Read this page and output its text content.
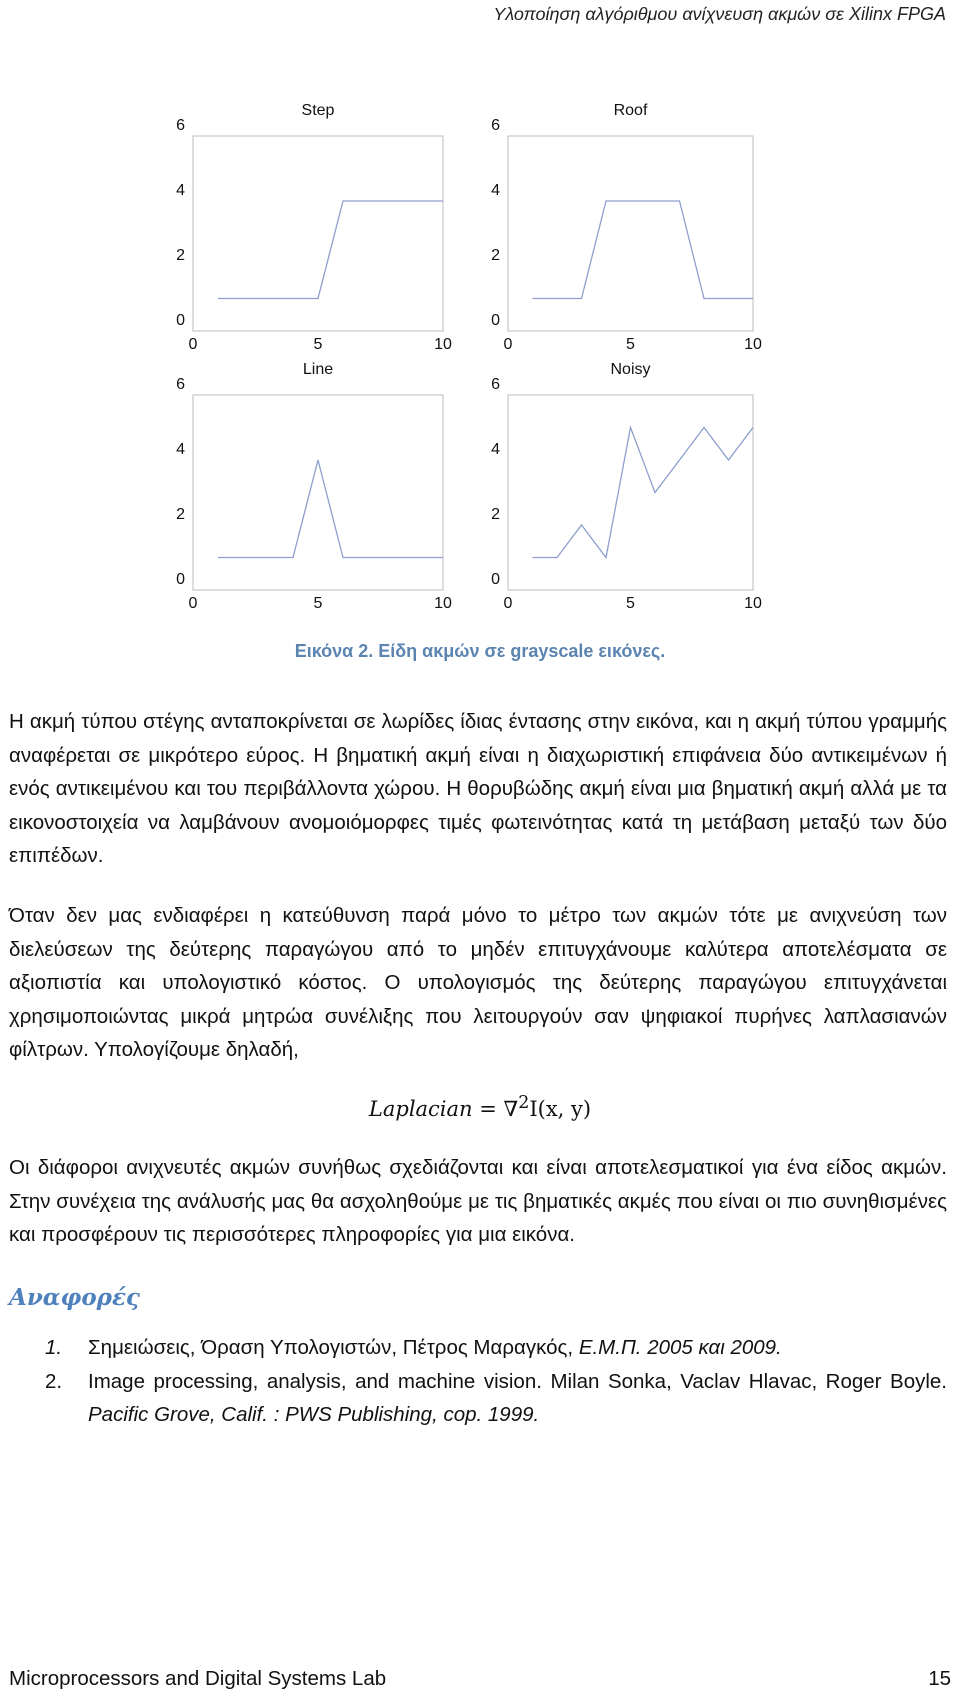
Υλοποίηση αλγόριθμου ανίχνευση ακμών σε Xilinx FPGA
Step
0
2
4
6
0	5	10
Roof
0
2
4
6
0	5	10
Line
0
2
4
6
0	5	10
Noisy
0
2
4
6
0	5	10
Εικόνα 2. Είδη ακμών σε grayscale εικόνες.

Η ακμή τύπου στέγης ανταποκρίνεται σε λωρίδες ίδιας έντασης στην εικόνα, και η ακμή τύπου γραμμής αναφέρεται σε μικρότερο εύρος. Η βηματική ακμή είναι η διαχωριστική επιφάνεια δύο αντικειμένων ή ενός αντικειμένου και του περιβάλλοντα χώρου. Η θορυβώδης ακμή είναι μια βηματική ακμή αλλά με τα εικονοστοιχεία να λαμβάνουν ανομοιόμορφες τιμές φωτεινότητας κατά τη μετάβαση μεταξύ των δύο επιπέδων.

Όταν δεν μας ενδιαφέρει η κατεύθυνση παρά μόνο το μέτρο των ακμών τότε με ανιχνεύση των διελεύσεων της δεύτερης παραγώγου από το μηδέν επιτυγχάνουμε καλύτερα αποτελέσματα σε αξιοπιστία και υπολογιστικό κόστος. Ο υπολογισμός της δεύτερης παραγώγου επιτυγχάνεται χρησιμοποιώντας μικρά μητρώα συνέλιξης που λειτουργούν σαν ψηφιακοί πυρήνες λαπλασιανών φίλτρων. Υπολογίζουμε δηλαδή,

Laplacian = ∇$^2$I(x, y)

Οι διάφοροι ανιχνευτές ακμών συνήθως σχεδιάζονται και είναι αποτελεσματικοί για ένα είδος ακμών. Στην συνέχεια της ανάλυσής μας θα ασχοληθούμε με τις βηματικές ακμές που είναι οι πιο συνηθισμένες και προσφέρουν τις περισσότερες πληροφορίες για μια εικόνα.

Αναφορές
1. Σημειώσεις, Όραση Υπολογιστών, Πέτρος Μαραγκός, Ε.Μ.Π. 2005 και 2009.
2. Image processing, analysis, and machine vision. Milan Sonka, Vaclav Hlavac, Roger Boyle. Pacific Grove, Calif. : PWS Publishing, cop. 1999.
Microprocessors and Digital Systems Lab	15
